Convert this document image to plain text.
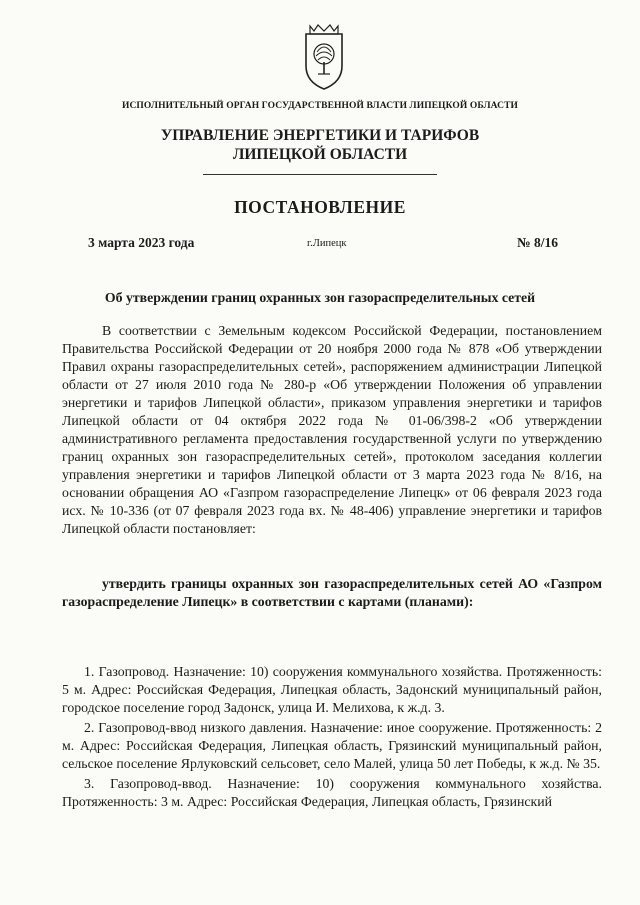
ИСПОЛНИТЕЛЬНЫЙ ОРГАН ГОСУДАРСТВЕННОЙ ВЛАСТИ ЛИПЕЦКОЙ ОБЛАСТИ
УПРАВЛЕНИЕ ЭНЕРГЕТИКИ И ТАРИФОВ
ЛИПЕЦКОЙ ОБЛАСТИ
ПОСТАНОВЛЕНИЕ
3 марта 2023 года	г.Липецк	№ 8/16
Об утверждении границ охранных зон газораспределительных сетей

В соответствии с Земельным кодексом Российской Федерации, постановлением Правительства Российской Федерации от 20 ноября 2000 года № 878 «Об утверждении Правил охраны газораспределительных сетей», распоряжением администрации Липецкой области от 27 июля 2010 года № 280-р «Об утверждении Положения об управлении энергетики и тарифов Липецкой области», приказом управления энергетики и тарифов Липецкой области от 04 октября 2022 года № 01-06/398-2 «Об утверждении административного регламента предоставления государственной услуги по утверждению границ охранных зон газораспределительных сетей», протоколом заседания коллегии управления энергетики и тарифов Липецкой области от 3 марта 2023 года № 8/16, на основании обращения АО «Газпром газораспределение Липецк» от 06 февраля 2023 года исх. № 10-336 (от 07 февраля 2023 года вх. № 48-406) управление энергетики и тарифов Липецкой области постановляет:

утвердить границы охранных зон газораспределительных сетей АО «Газпром газораспределение Липецк» в соответствии с картами (планами):

1. Газопровод. Назначение: 10) сооружения коммунального хозяйства. Протяженность: 5 м. Адрес: Российская Федерация, Липецкая область, Задонский муниципальный район, городское поселение город Задонск, улица И. Мелихова, к ж.д. 3.

2. Газопровод-ввод низкого давления. Назначение: иное сооружение. Протяженность: 2 м. Адрес: Российская Федерация, Липецкая область, Грязинский муниципальный район, сельское поселение Ярлуковский сельсовет, село Малей, улица 50 лет Победы, к ж.д. № 35.

3. Газопровод-ввод. Назначение: 10) сооружения коммунального хозяйства. Протяженность: 3 м. Адрес: Российская Федерация, Липецкая область, Грязинский
